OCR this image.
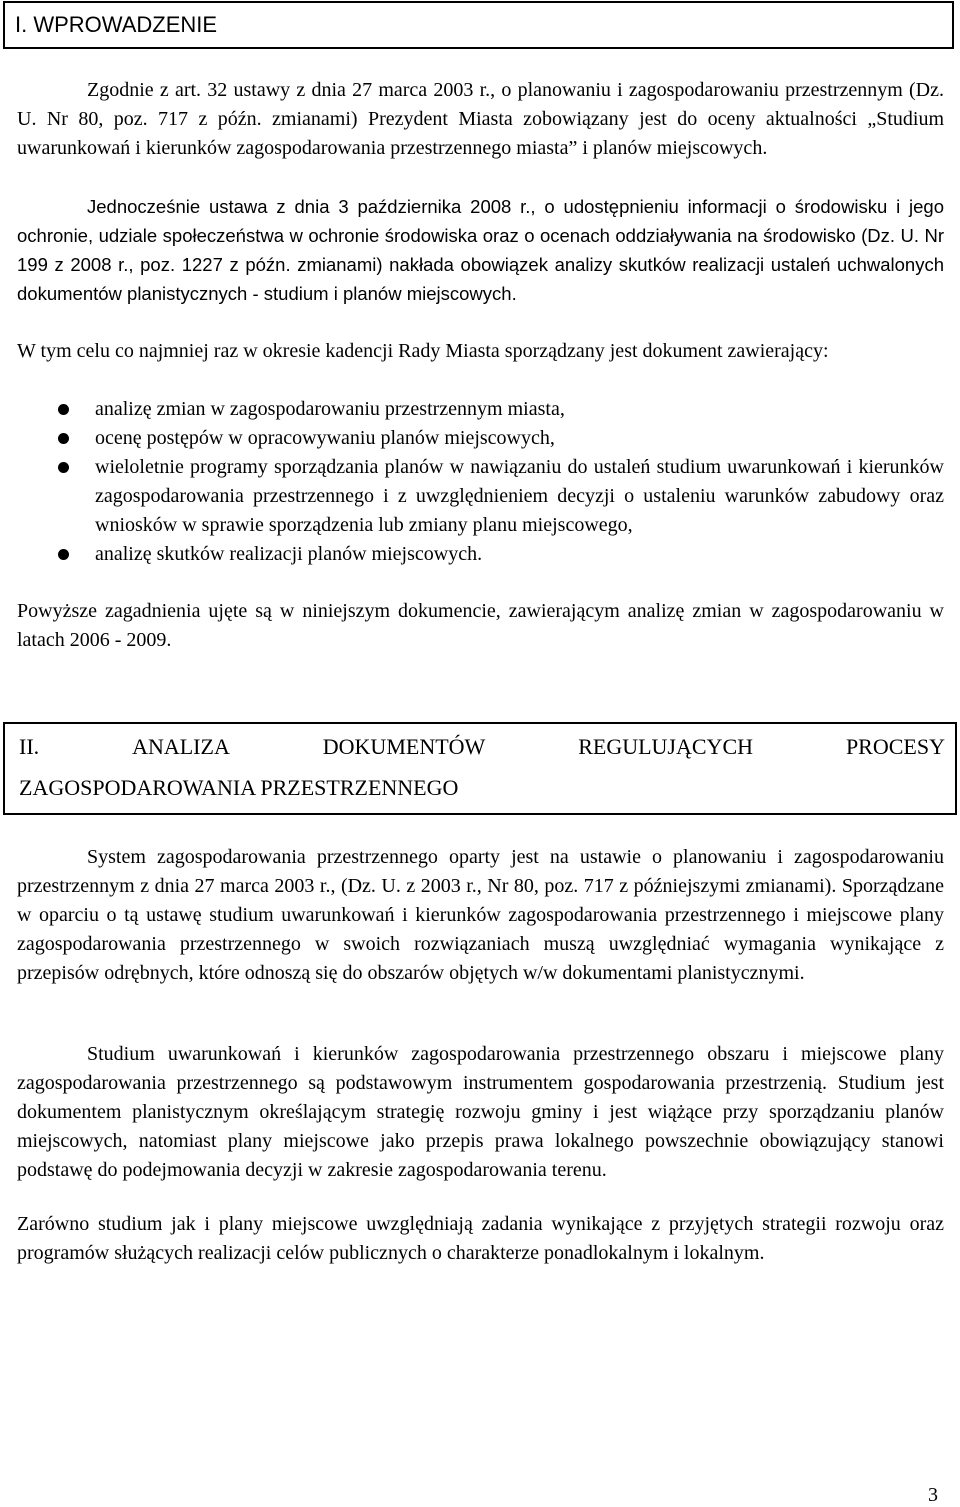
I. WPROWADZENIE

Zgodnie z art. 32 ustawy z dnia 27 marca 2003 r., o planowaniu i zagospodarowaniu przestrzennym (Dz. U. Nr 80, poz. 717 z późn. zmianami) Prezydent Miasta zobowiązany jest do oceny aktualności „Studium uwarunkowań i kierunków zagospodarowania przestrzennego miasta” i planów miejscowych.

Jednocześnie ustawa z dnia 3 października 2008 r., o udostępnieniu informacji o środowisku i jego ochronie, udziale społeczeństwa w ochronie środowiska oraz o ocenach oddziaływania na środowisko (Dz. U. Nr 199 z 2008 r., poz. 1227 z późn. zmianami) nakłada obowiązek analizy skutków realizacji ustaleń uchwalonych dokumentów planistycznych - studium i planów miejscowych.

W tym celu co najmniej raz w okresie kadencji Rady Miasta sporządzany jest dokument zawierający:

analizę zmian w zagospodarowaniu przestrzennym miasta,
ocenę postępów w opracowywaniu planów miejscowych,
wieloletnie programy sporządzania planów w nawiązaniu do ustaleń studium uwarunkowań i kierunków zagospodarowania przestrzennego i z uwzględnieniem decyzji o ustaleniu warunków zabudowy oraz wniosków w sprawie sporządzenia lub zmiany planu miejscowego,
analizę skutków realizacji planów miejscowych.

Powyższe zagadnienia ujęte są w niniejszym dokumencie, zawierającym analizę zmian w zagospodarowaniu w latach 2006 - 2009.

II.	ANALIZA	DOKUMENTÓW	REGULUJĄCYCH	PROCESY
ZAGOSPODAROWANIA PRZESTRZENNEGO

System zagospodarowania przestrzennego oparty jest na ustawie o planowaniu i zagospodarowaniu przestrzennym z dnia 27 marca 2003 r., (Dz. U. z 2003 r., Nr 80, poz. 717 z późniejszymi zmianami). Sporządzane w oparciu o tą ustawę studium uwarunkowań i kierunków zagospodarowania przestrzennego i miejscowe plany zagospodarowania przestrzennego w swoich rozwiązaniach muszą uwzględniać wymagania wynikające z przepisów odrębnych, które odnoszą się do obszarów objętych w/w dokumentami planistycznymi.

Studium uwarunkowań i kierunków zagospodarowania przestrzennego obszaru i miejscowe plany zagospodarowania przestrzennego są podstawowym instrumentem gospodarowania przestrzenią. Studium jest dokumentem planistycznym określającym strategię rozwoju gminy i jest wiążące przy sporządzaniu planów miejscowych, natomiast plany miejscowe jako przepis prawa lokalnego powszechnie obowiązujący stanowi podstawę do podejmowania decyzji w zakresie zagospodarowania terenu.

Zarówno studium jak i plany miejscowe uwzględniają zadania wynikające z przyjętych strategii rozwoju oraz programów służących realizacji celów publicznych o charakterze ponadlokalnym i lokalnym.

3
